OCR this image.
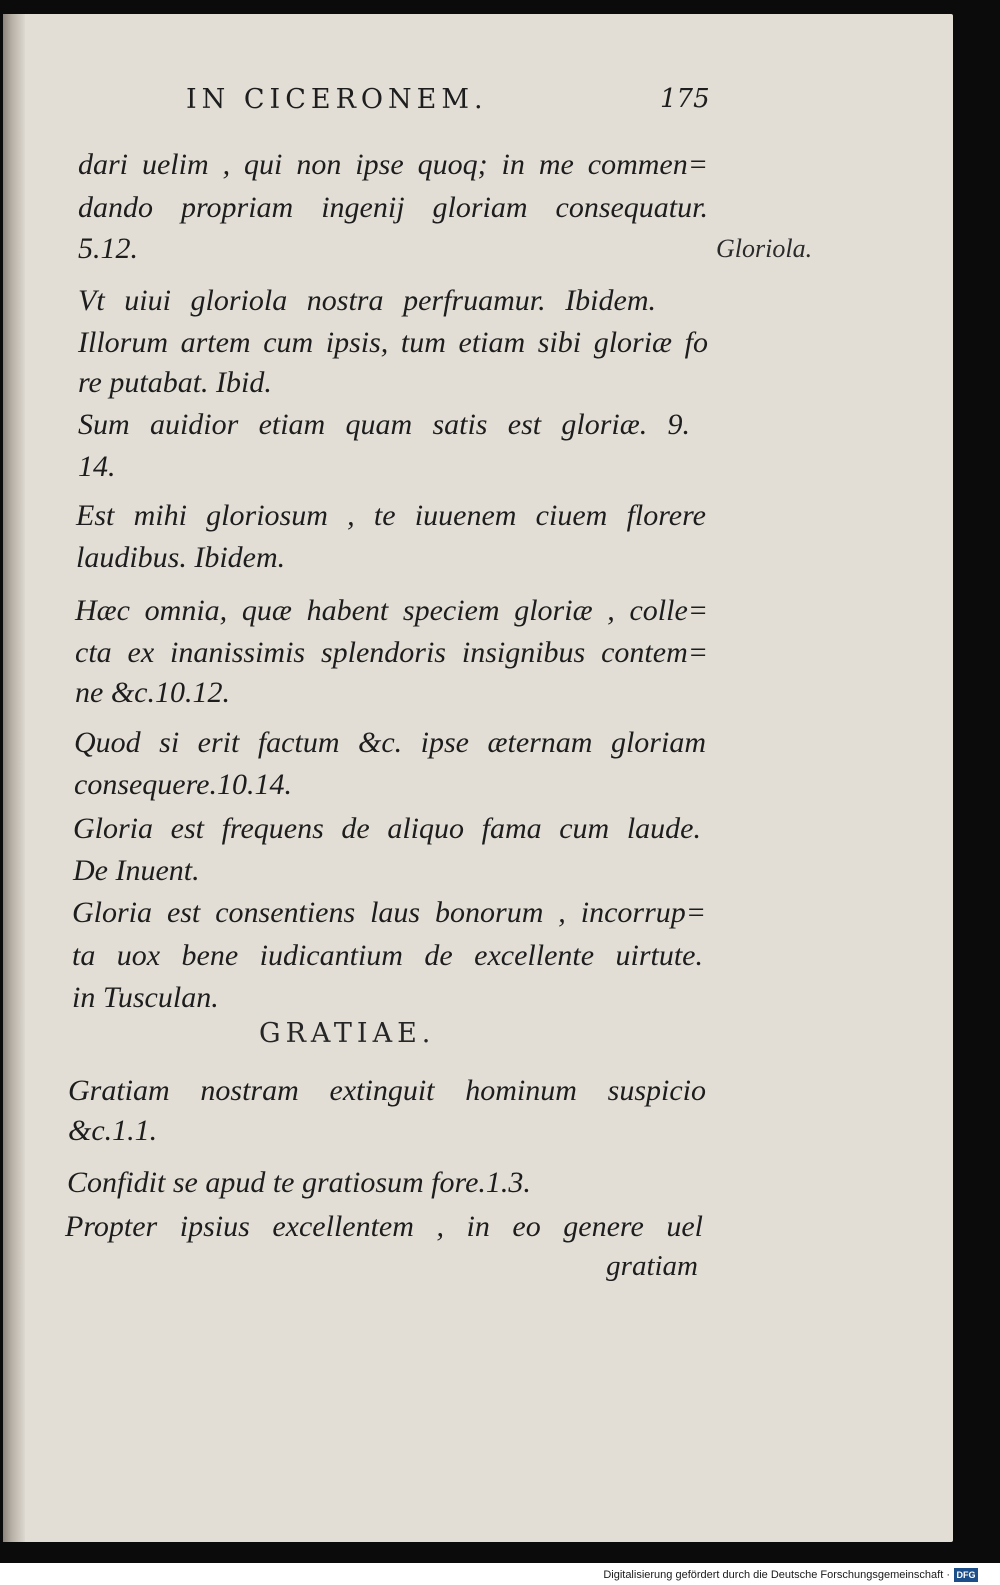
IN CICERONEM.	175
Gloriola.
dari uelim , qui non ipse quoq; in me commen=
dando propriam ingenij gloriam consequatur.
5.12.
Vt uiui gloriola nostra perfruamur. Ibidem.
Illorum artem cum ipsis, tum etiam sibi gloriæ fo
re putabat. Ibid.
Sum auidior etiam quam satis est gloriæ. 9.
14.
Est mihi gloriosum , te iuuenem ciuem florere
laudibus. Ibidem.
Hæc omnia, quæ habent speciem gloriæ , colle=
cta ex inanissimis splendoris insignibus contem=
ne &c.10.12.
Quod si erit factum &c. ipse æternam gloriam
consequere.10.14.
Gloria est frequens de aliquo fama cum laude.
De Inuent.
Gloria est consentiens laus bonorum , incorrup=
ta uox bene iudicantium de excellente uirtute.
in Tusculan.
Gratiam nostram extinguit hominum suspicio
&c.1.1.
Confidit se apud te gratiosum fore.1.3.
Propter ipsius excellentem , in eo genere uel
GRATIAE.
gratiam
Digitalisierung gefördert durch die Deutsche Forschungsgemeinschaft · DFG
